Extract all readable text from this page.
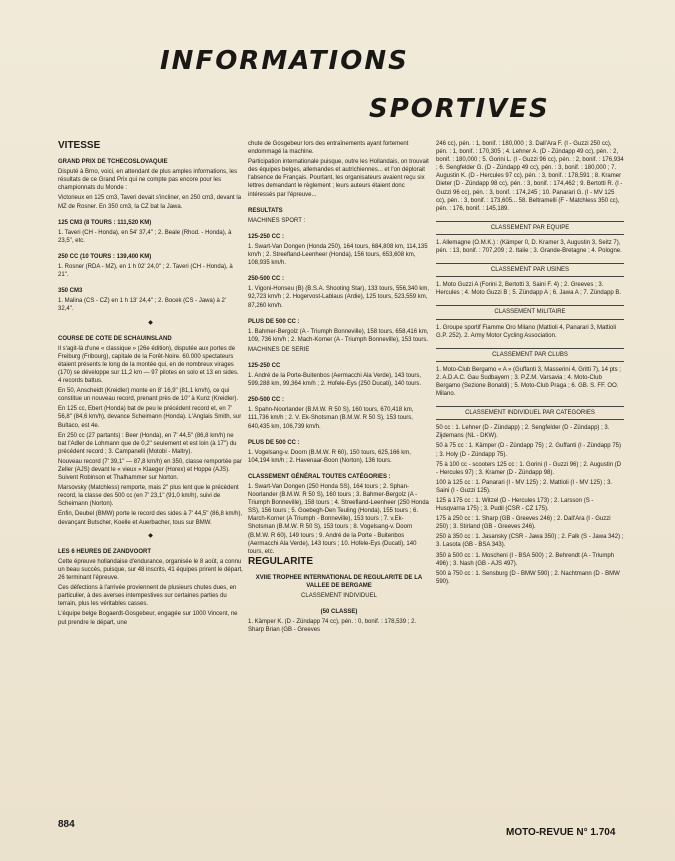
INFORMATIONS
SPORTIVES
VITESSE
GRAND PRIX DE TCHECOSLOVAQUIE

Disputé à Brno, voici, en attendant de plus amples informations, les résultats de ce Grand Prix qui ne compte pas encore pour les championnats du Monde :

Victorieux en 125 cm3, Taveri devait s'incliner, en 250 cm3, devant la MZ de Rosner. En 350 cm3, la CZ bat la Jawa.

125 CM3 (8 TOURS : 111,520 KM)

1. Taveri (CH - Honda), en 54' 37,4'' ; 2. Beale (Rhod. - Honda), à 23,5'', etc.

250 CC (10 TOURS : 139,400 KM)

1. Rosner (RDA - MZ), en 1 h 02' 24,0'' ; 2. Taveri (CH - Honda), à 21''.

350 CM3

1. Malina (CS - CZ) en 1 h 13' 24,4'' ; 2. Bocek (CS - Jawa) à 2' 32,4''.

◆
COURSE DE COTE DE SCHAUINSLAND

Il s'agit-là d'une « classique » (26e édition), disputée aux portes de Freiburg (Fribourg), capitale de la Forêt-Noire. 60.000 spectateurs étaient présents le long de la montée qui, en de nombreux virages (170) se développe sur 11,2 km — 97 pilotes en solo et 13 en sides. 4 records battus.

En 50, Anscheidt (Kreidler) monte en 8' 16,9'' (81,1 km/h), ce qui constitue un nouveau record, prenant près de 10'' à Kunz (Kreidler).

En 125 cc, Ebert (Honda) bat de peu le précédent record et, en 7' 56,8'' (84,6 km/h), devance Scheimann (Honda). L'Anglais Smith, sur Bultaco, est 4e.

En 250 cc (27 partants) : Beer (Honda), en 7' 44,5'' (86,8 km/h) ne bat l'Adler de Lohmann que de 0,2'' seulement et est loin (à 17'') du précédent record ; 3. Campanelli (Motobi - Maltry).

Nouveau record (7' 39,1'' — 87,8 km/h) en 350, classe remportée par Zeller (AJS) devant le « vieux » Klaeger (Horex) et Hoppe (AJS). Suivent Robinson et Thalhammer sur Norton.

Marsovsky (Matchless) remporte, mais 2'' plus lent que le précédent record, la classe des 500 cc (en 7' 23,1'' (91,0 km/h), suivi de Scheimann (Norton).

Enfin, Deubel (BMW) porte le record des sides à 7' 44,5'' (86,8 km/h), devançant Butscher, Koelle et Auerbacher, tous sur BMW.

◆
LES 6 HEURES DE ZANDVOORT

Cette épreuve hollandaise d'endurance, organisée le 8 août, a connu un beau succès, puisque, sur 48 inscrits, 41 équipes prirent le départ, 26 terminant l'épreuve.

Ces défections à l'arrivée proviennent de plusieurs chutes dues, en particulier, à des averses intempestives sur certaines parties du terrain, plus les véritables casses.

L'équipe belge Bogaerdt-Gosgebeur, engagée sur 1000 Vincent, ne put prendre le départ, une

chute de Gosgebeur lors des entraînements ayant fortement endommagé la machine.

Participation internationale puisque, outre les Hollandais, on trouvait des équipes belges, allemandes et autrichiennes... et l'on déplorait l'absence de Français. Pourtant, les organisateurs avaient reçu six lettres demandant le règlement ; leurs auteurs étaient donc intéressés par l'épreuve...

RESULTATS

MACHINES SPORT :

125-250 CC :

1. Swart-Van Dongen (Honda 250), 164 tours, 684,808 km, 114,135 km/h ; 2. Streefland-Leenheer (Honda), 156 tours, 653,608 km, 108,935 km/h.

250-500 CC :

1. Vigoni-Honseu (B) (B.S.A. Shooting Star), 133 tours, 556,340 km, 92,723 km/h ; 2. Hogervost-Lablaus (Ardie), 125 tours, 523,559 km, 87,260 km/h.

PLUS DE 500 CC :

1. Bahmer-Bergolz (A - Triumph Bonneville), 158 tours, 658,416 km, 109, 736 km/h ; 2. Mach-Korner (A - Triumph Bonneville), 153 tours.

MACHINES DE SERIE

125-250 CC

1. André de la Porte-Buitenbos (Aermacchi Ala Verde), 143 tours, 599,288 km, 99,364 km/h ; 2. Hofele-Eys (250 Ducati), 140 tours.

250-500 CC :

1. Spahn-Noorlander (B.M.W. R 50 S), 160 tours, 670,418 km, 111,736 km/h ; 2. V. Ek-Shotsman (B.M.W. R 50 S), 153 tours, 640,435 km, 106,739 km/h.

PLUS DE 500 CC :

1. Vogelsang-v. Doorn (B.M.W. R 60), 150 tours, 625,166 km, 104,194 km/h ; 2. Havenaar-Boon (Norton), 136 tours.

CLASSEMENT GÉNÉRAL TOUTES CATÉGORIES :

1. Swart-Van Dongen (250 Honda SS), 164 tours ; 2. Sphan-Noorlander (B.M.W. R 50 S), 160 tours ; 3. Bahmer-Bergolz (A - Triumph Bonneville), 158 tours ; 4. Streefland-Leenheer (250 Honda SS), 156 tours ; 5. Goebegh-Den Teuling (Honda), 155 tours ; 6. March-Korner (A Triumph - Bonneville), 153 tours ; 7. v.Ek-Shotsman (B.M.W. R 50 S), 153 tours ; 8. Vogelsang-v. Doorn (B.M.W. R 60), 149 tours ; 9. André de la Porte - Buitenbos (Aermacchi Ala Verde), 143 tours ; 10. Hofele-Eys (Ducati), 140 tours, etc.

REGULARITE
XVIIE TROPHEE INTERNATIONAL DE REGULARITE DE LA VALLEE DE BERGAME
CLASSEMENT INDIVIDUEL
(50 CLASSE)

1. Kämper K. (D - Zündapp 74 cc), pén. : 0, bonif. : 178,539 ; 2. Sharp Brian (GB - Greeves

246 cc), pén. : 1, bonif. : 180,000 ; 3. Dall'Ara F. (I - Guzzi 250 cc), pén. : 1, bonif. : 170,305 ; 4. Lehner A. (D - Zündapp 49 cc), pén. : 2, bonif. : 180,000 ; 5. Gorini L. (I - Guzzi 96 cc), pén. : 2, bonif. : 176,934 ; 6. Sengfelder G. (D - Zündapp 49 cc), pén. : 3, bonif. : 180,000 ; 7. Augustin K. (D - Hercules 97 cc), pén. : 3, bonif. : 178,591 ; 8. Kramer Dieter (D - Zündapp 98 cc), pén. : 3, bonif. : 174,462 ; 9. Bertotti R. (I - Guzzi 96 cc), pén. : 3, bonif. : 174,245 ; 10. Panarari G. (I - MV 125 cc), pén. : 3, bonif. : 173,605... 58. Beltramelli (F - Matchless 350 cc), pén. : 176, bonif. : 145,189.

CLASSEMENT PAR EQUIPE

1. Allemagne (O.M.K.) : (Kämper 0, D. Kramer 3, Augustin 3, Seitz 7), pén. : 13, bonif. : 707,209 ; 2. Italie ; 3. Grande-Bretagne ; 4. Pologne.

CLASSEMENT PAR USINES

1. Moto Guzzi A (Forini 2, Bertotti 3, Saini F. 4) ; 2. Greeves ; 3. Hercules ; 4. Moto Guzzi B ; 5. Zündapp A ; 6. Jawa A ; 7. Zündapp B.

CLASSEMENT MILITAIRE

1. Groupe sportif Fiamme Oro Milano (Mattioli 4, Panarari 3, Mattioli G.P. 252). 2. Army Motor Cycling Association.

CLASSEMENT PAR CLUBS

1. Moto-Club Bergamo « A » (Guffanti 3, Masserini 4, Gritti 7), 14 pts ; 2. A.D.A.C. Gau Sudbayern ; 3. P.Z.M. Varsavia ; 4. Moto-Club Bergamo (Sezione Bonaldi) ; 5. Moto-Club Praga ; 6. GB. S. FF. OO. Milano.

CLASSEMENT INDIVIDUEL PAR CATEGORIES

50 cc : 1. Lehner (D - Zündapp) ; 2. Sengfelder (D - Zündapp) ; 3. Zijdemans (NL - DKW).

50 à 75 cc : 1. Kämper (D - Zündapp 75) ; 2. Guffanti (I - Zündapp 75) ; 3. Holy (D - Zündapp 75).

75 à 100 cc - scooters 125 cc : 1. Gorini (I - Guzzi 96) ; 2. Augustin (D - Hercules 97) ; 3. Kramer (D - Zündapp 98).

100 à 125 cc : 1. Panarari (I - MV 125) ; 2. Mattioli (I - MV 125) ; 3. Saini (I - Guzzi 125).

125 à 175 cc : 1. Witzel (D - Hercules 173) ; 2. Larsson (S - Husqvarna 175) ; 3. Pudil (CSR - CZ 175).

175 à 250 cc : 1. Sharp (GB - Greeves 246) ; 2. Dall'Ara (I - Guzzi 250) ; 3. Stirland (GB - Greeves 246).

250 à 350 cc : 1. Jasansky (CSR - Jawa 350) ; 2. Falk (S - Jawa 342) ; 3. Lasota (GB - BSA 343).

350 à 500 cc : 1. Moscheni (I - BSA 500) ; 2. Behrendt (A - Triumph 496) ; 3. Nash (GB - AJS 497).

500 à 750 cc : 1. Sensburg (D - BMW 590) ; 2. Nachtmann (D - BMW 590).

884
MOTO-REVUE N° 1.704
